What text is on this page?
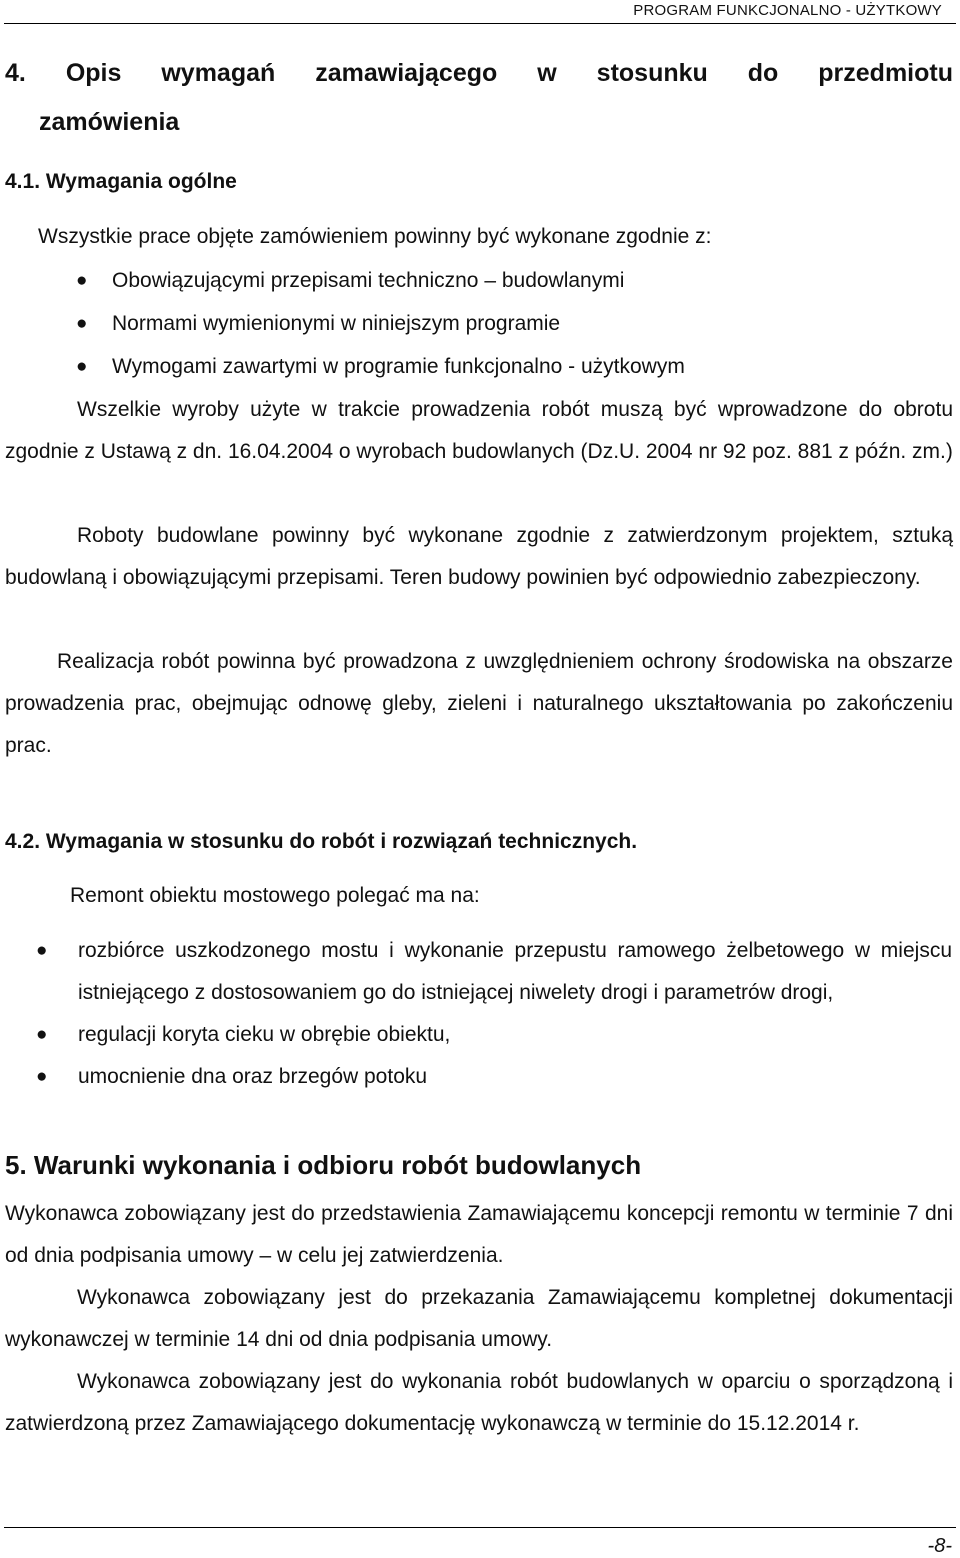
PROGRAM FUNKCJONALNO - UŻYTKOWY
4. Opis wymagań zamawiającego w stosunku do przedmiotu
zamówienia
4.1. Wymagania ogólne
Wszystkie prace objęte zamówieniem powinny być wykonane zgodnie z:
● Obowiązującymi przepisami techniczno – budowlanymi
● Normami wymienionymi w niniejszym programie
● Wymogami zawartymi w programie funkcjonalno - użytkowym
Wszelkie wyroby użyte w trakcie prowadzenia robót muszą być wprowadzone do obrotu zgodnie z Ustawą z dn. 16.04.2004 o wyrobach budowlanych (Dz.U. 2004 nr 92 poz. 881 z późn. zm.)
Roboty budowlane powinny być wykonane zgodnie z zatwierdzonym projektem, sztuką budowlaną i obowiązującymi przepisami. Teren budowy powinien być odpowiednio zabezpieczony.
Realizacja robót powinna być prowadzona z uwzględnieniem ochrony środowiska na obszarze prowadzenia prac, obejmując odnowę gleby, zieleni i naturalnego ukształtowania po zakończeniu prac.
4.2. Wymagania w stosunku do robót i rozwiązań technicznych.
Remont obiektu mostowego polegać ma na:
● rozbiórce uszkodzonego mostu i wykonanie przepustu ramowego żelbetowego w miejscu istniejącego z dostosowaniem go do istniejącej niwelety drogi i parametrów drogi,
● regulacji koryta cieku w obrębie obiektu,
● umocnienie dna oraz brzegów potoku
5. Warunki wykonania i odbioru robót budowlanych
Wykonawca zobowiązany jest do przedstawienia Zamawiającemu koncepcji remontu w terminie 7 dni od dnia podpisania umowy – w celu jej zatwierdzenia.
Wykonawca zobowiązany jest do przekazania Zamawiającemu kompletnej dokumentacji wykonawczej w terminie 14 dni od dnia podpisania umowy.
Wykonawca zobowiązany jest do wykonania robót budowlanych w oparciu o sporządzoną i zatwierdzoną przez Zamawiającego dokumentację wykonawczą w terminie do 15.12.2014 r.
-8-
